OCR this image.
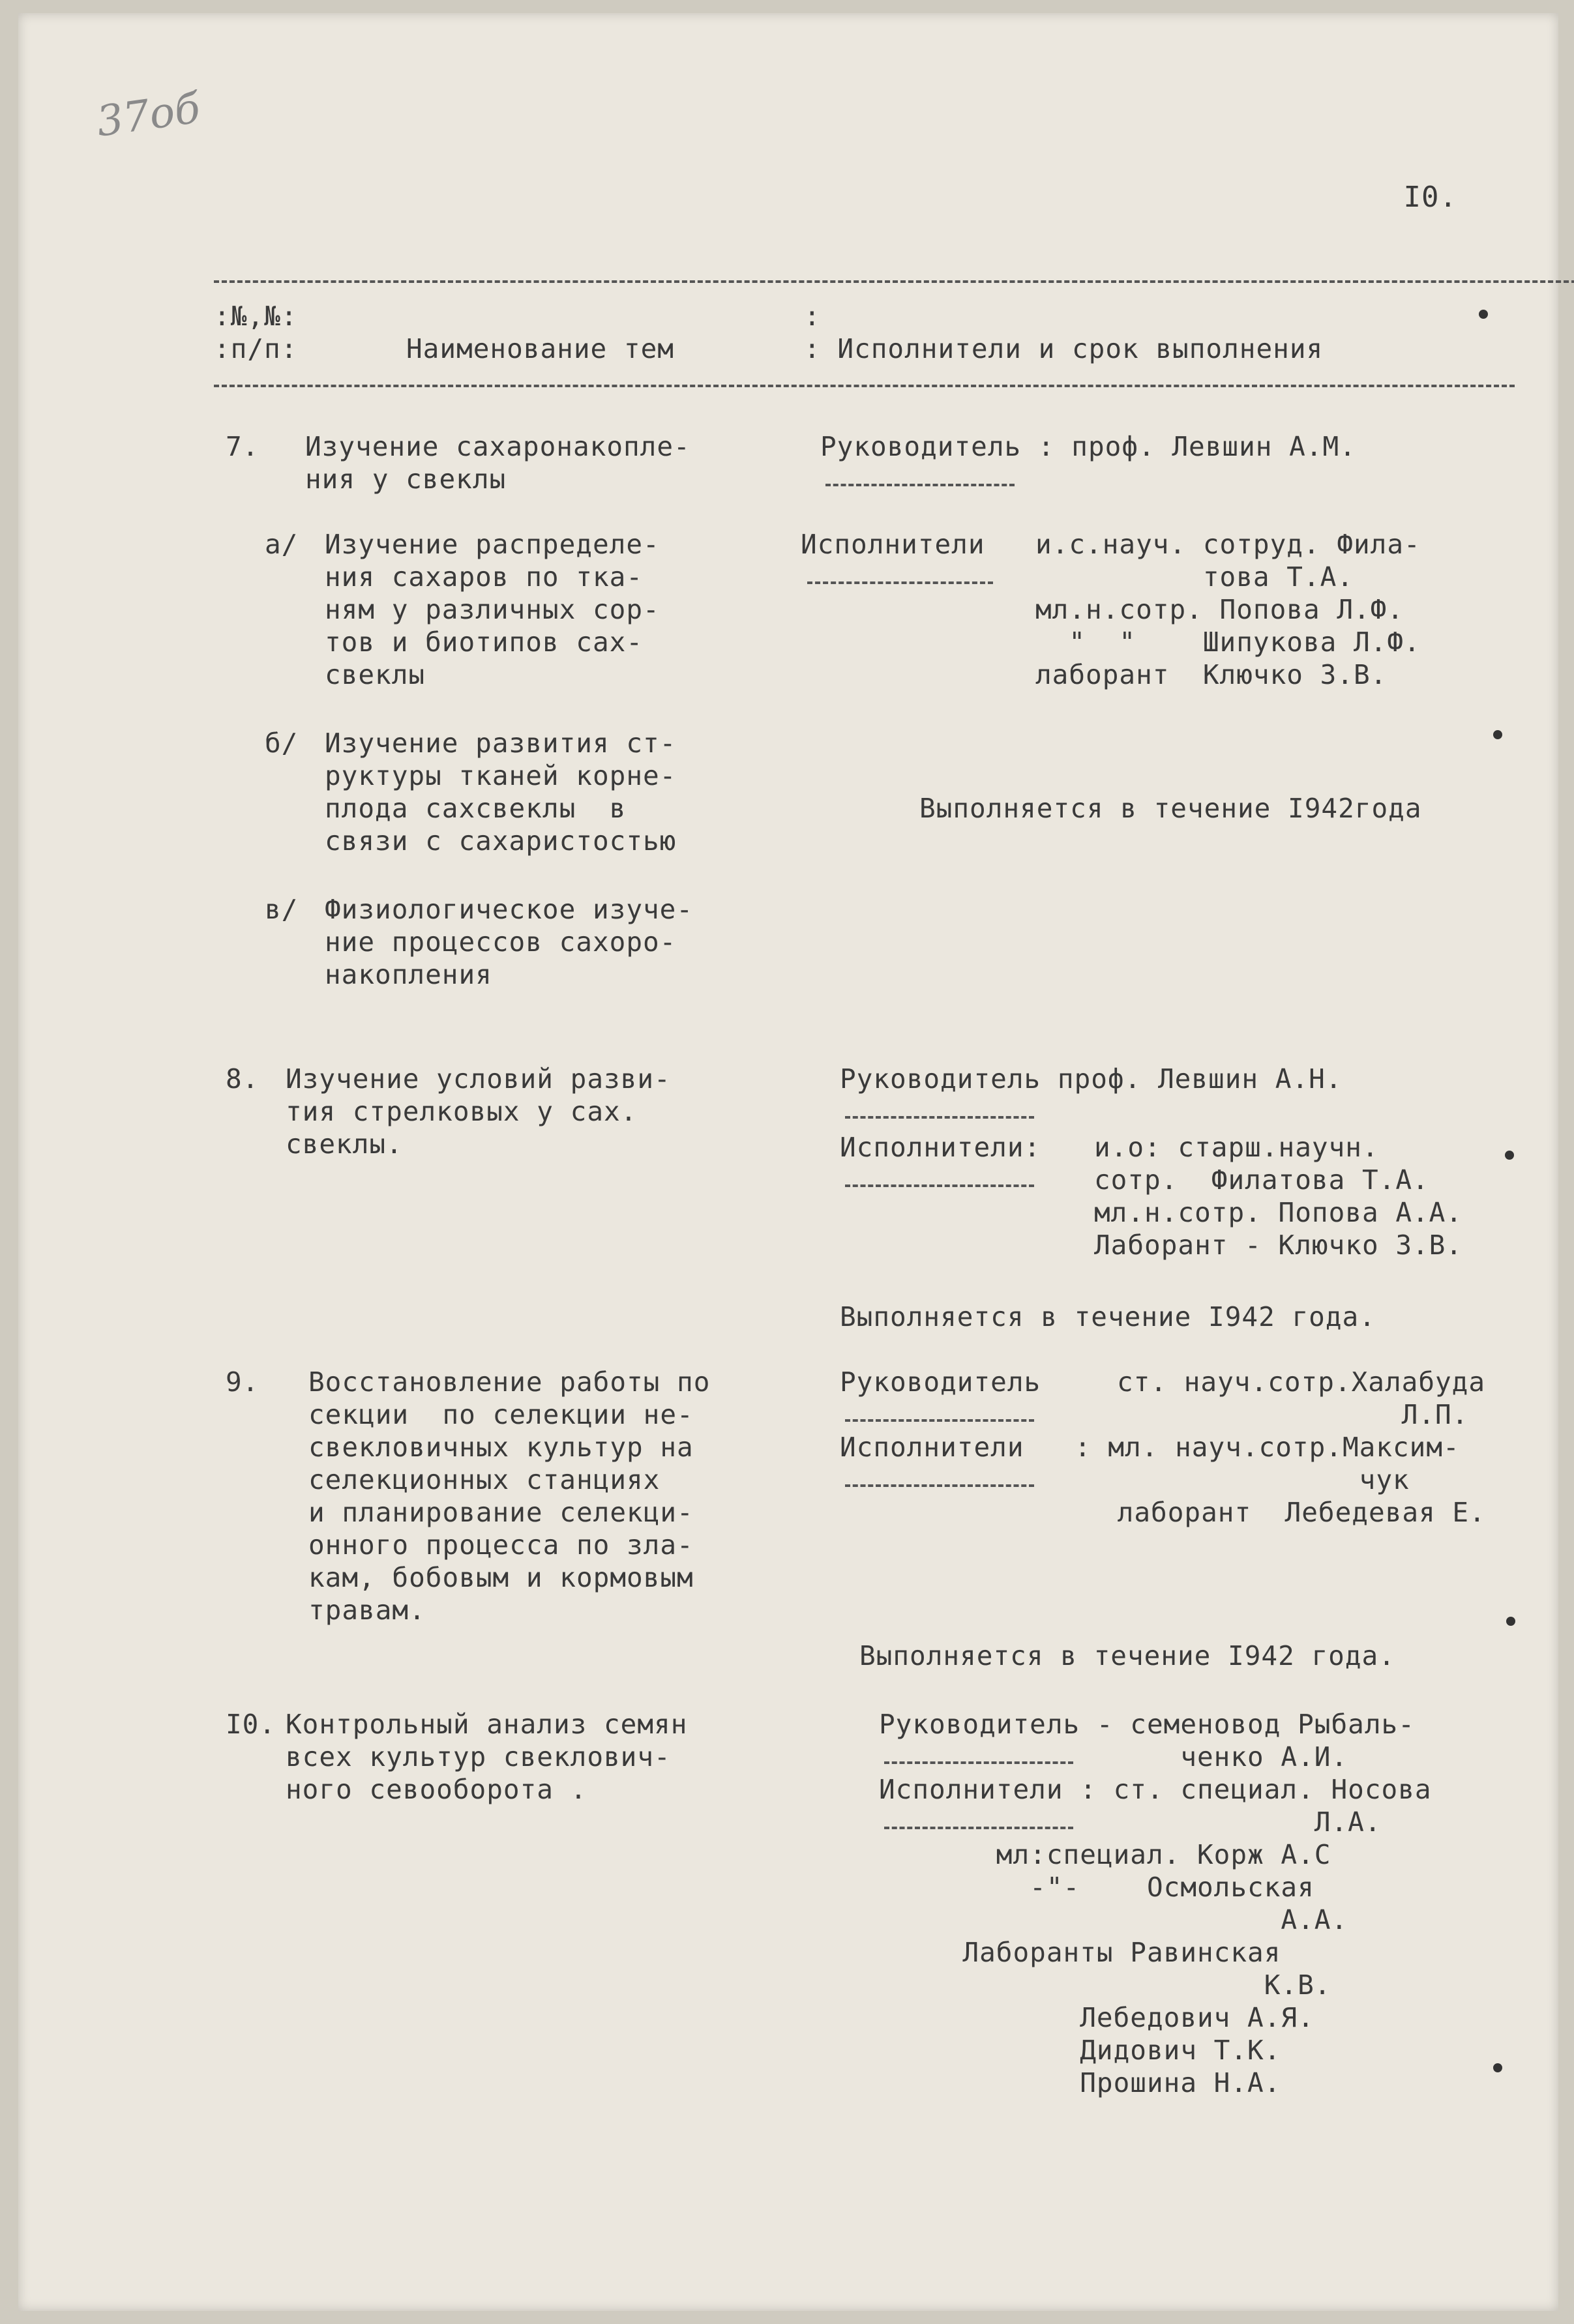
37об
I0.
:№,№:
:п/п:	Наименование тем
:
: Исполнители и срок выполнения
7. Изучение сахаронакопле-
ния у свеклы
Руководитель : проф. Левшин А.М.
а/ Изучение распределе-
ния сахаров по тка-
ням у различных сор-
тов и биотипов сах-
свеклы
Исполнители и.с.науч. сотруд. Фила-
това Т.А.
мл.н.сотр. Попова Л.Ф.
"  "    Шипукова Л.Ф.
лаборант  Ключко З.В.
б/ Изучение развития ст-
руктуры тканей корне-
плода сахсвеклы  в
связи с сахаристостью
Выполняется в течение I942года
в/ Физиологическое изуче-
ние процессов сахоро-
накопления
8. Изучение условий разви-
тия стрелковых у сах.
свеклы.
Руководитель проф. Левшин А.Н.
Исполнители: и.о: старш.научн.
сотр.  Филатова Т.А.
мл.н.сотр. Попова А.А.
Лаборант - Ключко З.В.
Выполняется в течение I942 года.
9. Восстановление работы по
секции  по селекции не-
свекловичных культур на
селекционных станциях
и планирование селекци-
онного процесса по зла-
кам, бобовым и кормовым
травам.
Руководитель	ст. науч.сотр.Халабуда
Л.П.
Исполнители : мл. науч.сотр.Максим-
чук
лаборант  Лебедевая Е.
Выполняется в течение I942 года.
I0. Контрольный анализ семян
всех культур свеклович-
ного севооборота .
Руководитель - семеновод Рыбаль-
ченко А.И.
Исполнители : ст. специал. Носова
Л.А.
мл:специал. Корж А.С
-"-    Осмольская
А.А.
Лаборанты Равинская
К.В.
Лебедович А.Я.
Дидович Т.К.
Прошина Н.А.
